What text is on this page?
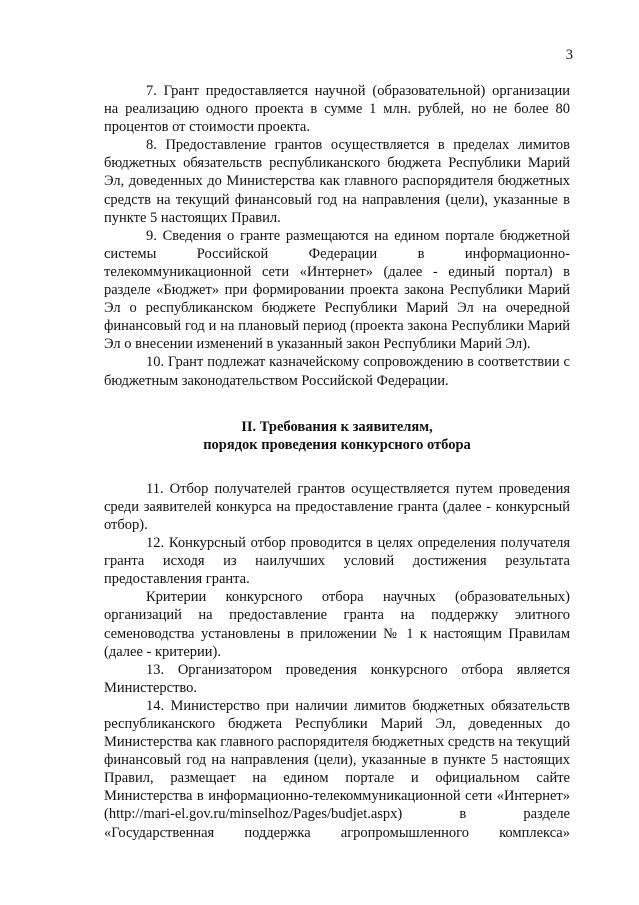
3

7. Грант предоставляется научной (образовательной) организации на реализацию одного проекта в сумме 1 млн. рублей, но не более 80 процентов от стоимости проекта.

8. Предоставление грантов осуществляется в пределах лимитов бюджетных обязательств республиканского бюджета Республики Марий Эл, доведенных до Министерства как главного распорядителя бюджетных средств на текущий финансовый год на направления (цели), указанные в пункте 5 настоящих Правил.

9. Сведения о гранте размещаются на едином портале бюджетной системы Российской Федерации в информационно-телекоммуникационной сети «Интернет» (далее - единый портал) в разделе «Бюджет» при формировании проекта закона Республики Марий Эл о республиканском бюджете Республики Марий Эл на очередной финансовый год и на плановый период (проекта закона Республики Марий Эл о внесении изменений в указанный закон Республики Марий Эл).

10. Грант подлежат казначейскому сопровождению в соответствии с бюджетным законодательством Российской Федерации.

II. Требования к заявителям,
порядок проведения конкурсного отбора

11. Отбор получателей грантов осуществляется путем проведения среди заявителей конкурса на предоставление гранта (далее - конкурсный отбор).

12. Конкурсный отбор проводится в целях определения получателя гранта исходя из наилучших условий достижения результата предоставления гранта.

Критерии конкурсного отбора научных (образовательных) организаций на предоставление гранта на поддержку элитного семеноводства установлены в приложении № 1 к настоящим Правилам (далее - критерии).

13. Организатором проведения конкурсного отбора является Министерство.

14. Министерство при наличии лимитов бюджетных обязательств республиканского бюджета Республики Марий Эл, доведенных до Министерства как главного распорядителя бюджетных средств на текущий финансовый год на направления (цели), указанные в пункте 5 настоящих Правил, размещает на едином портале и официальном сайте Министерства в информационно-телекоммуникационной сети «Интернет» (http://mari-el.gov.ru/minselhoz/Pages/budjet.aspx) в разделе «Государственная поддержка агропромышленного комплекса»
